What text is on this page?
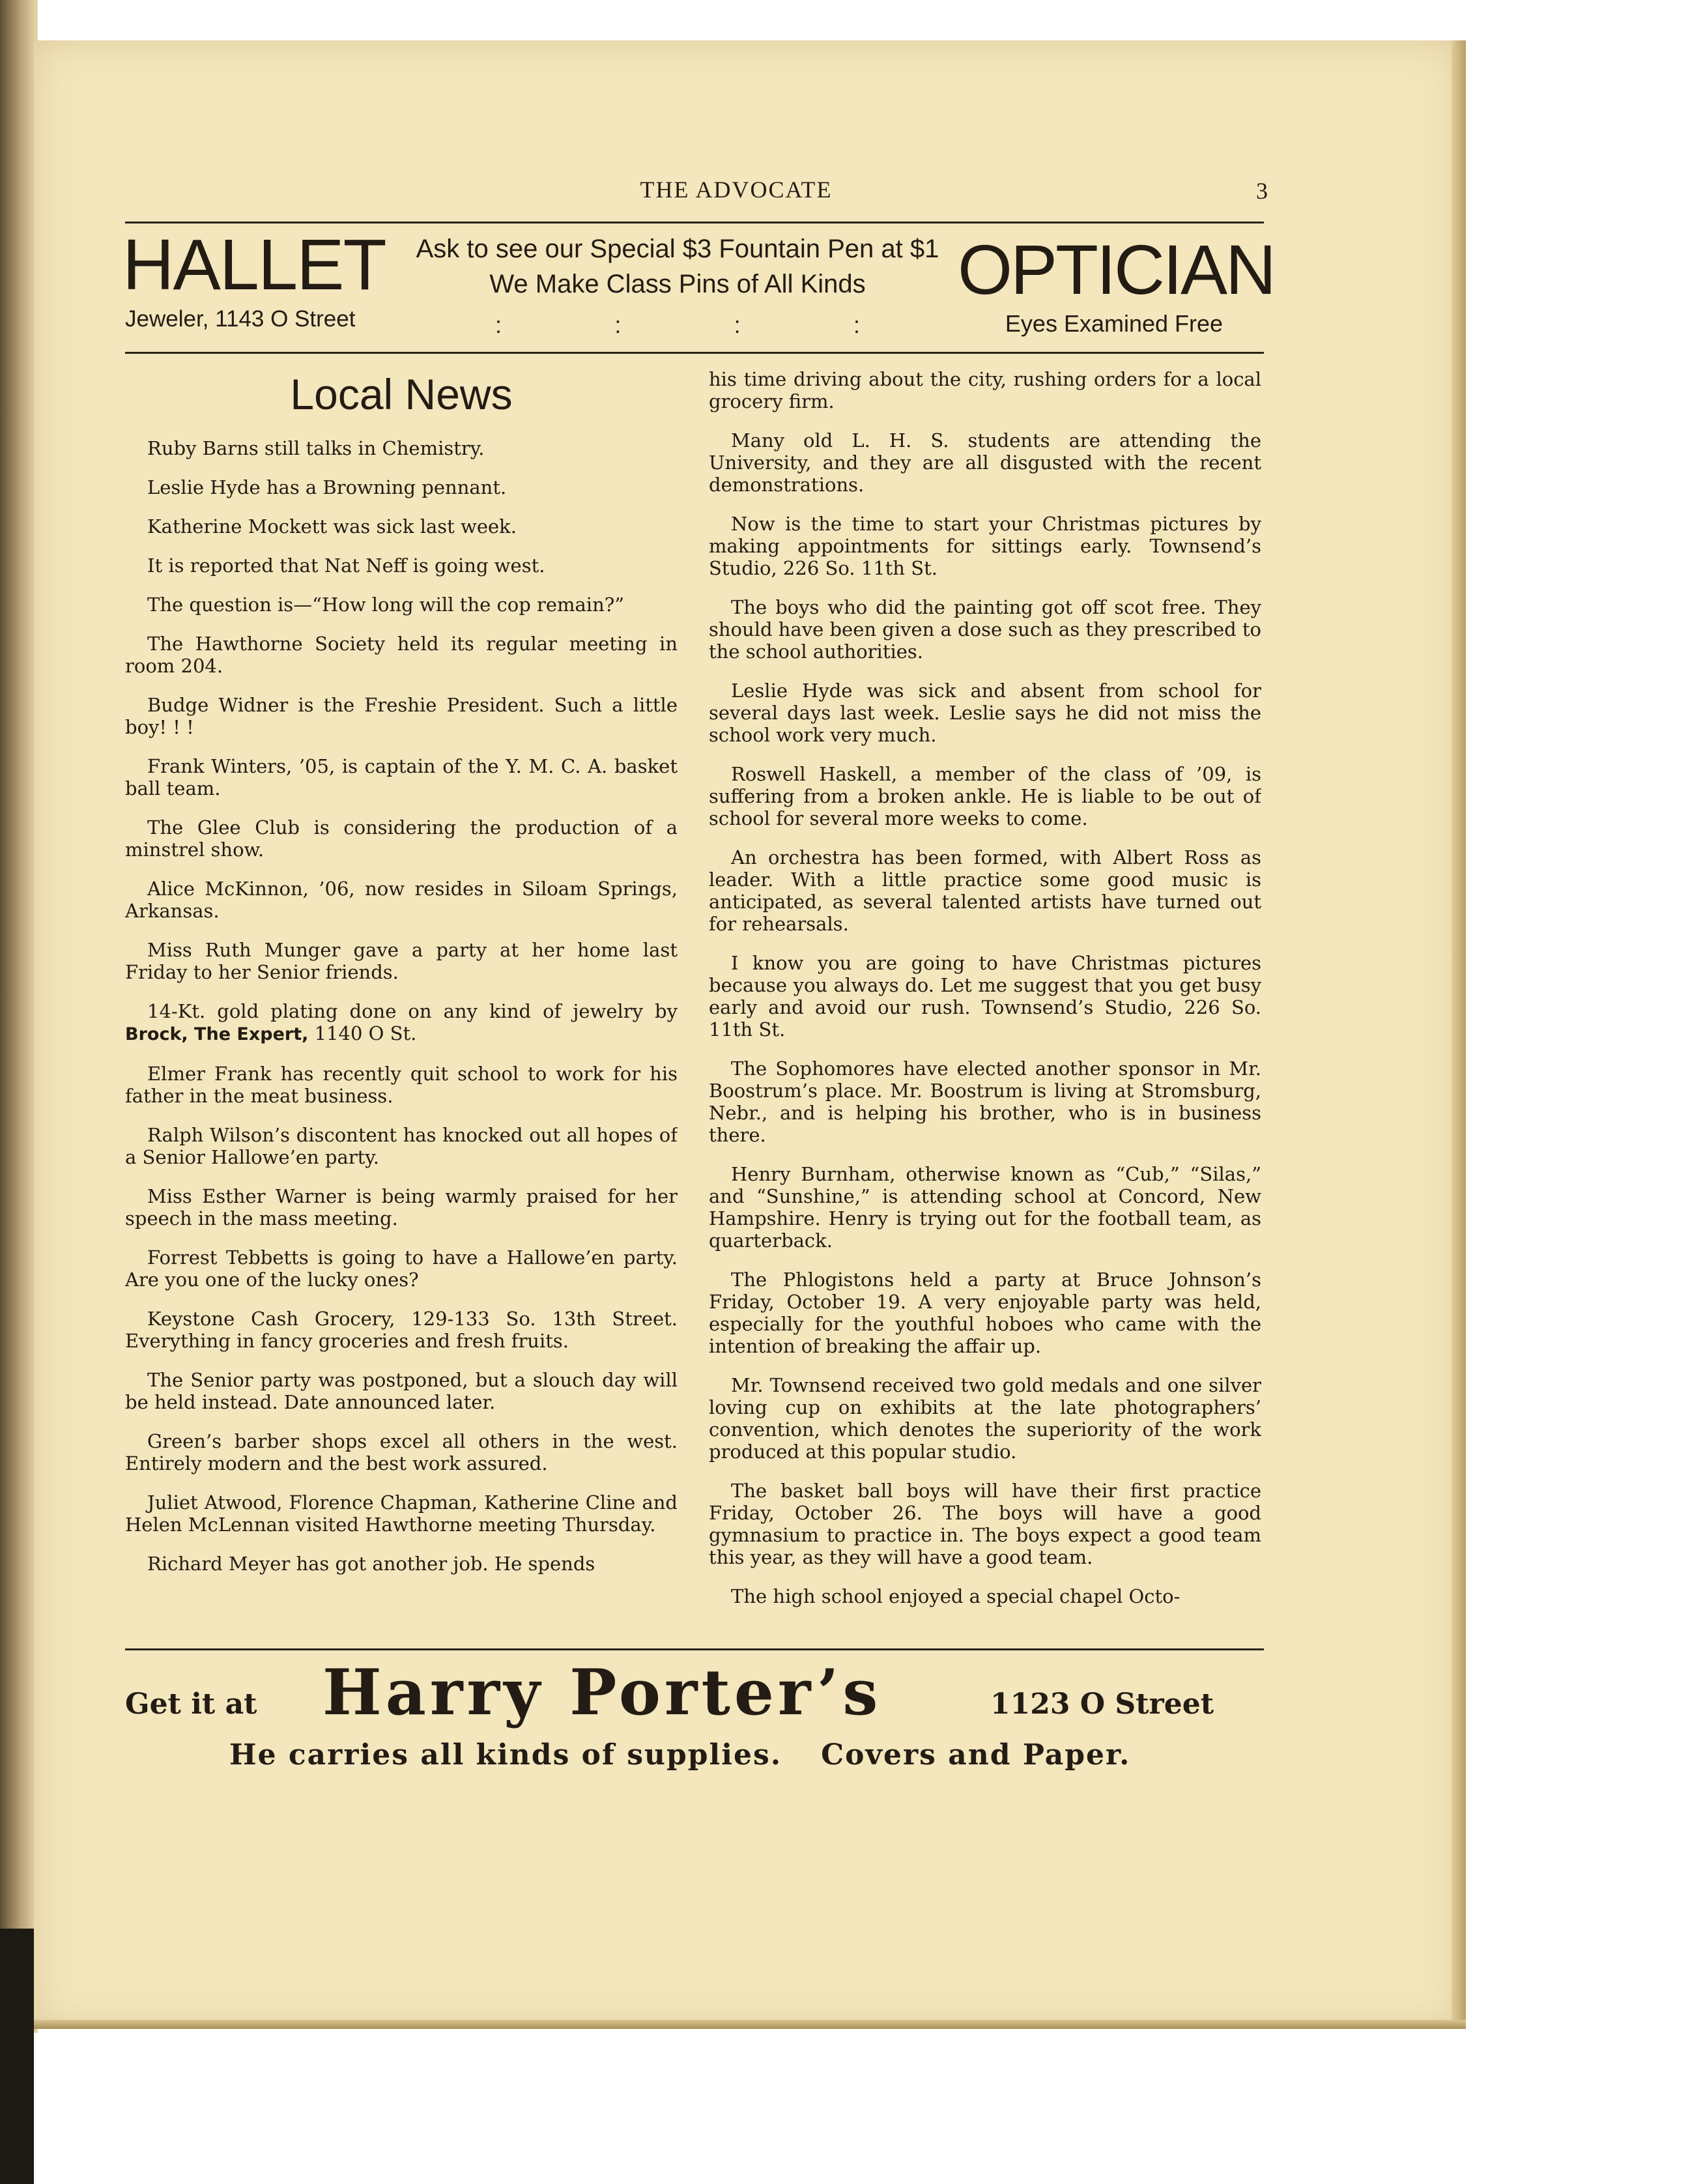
THE ADVOCATE	3
HALLET
Jeweler, 1143 O Street
Ask to see our Special $3 Fountain Pen at $1
We Make Class Pins of All Kinds
:	:	:	:
OPTICIAN
Eyes Examined Free
Local News

Ruby Barns still talks in Chemistry.

Leslie Hyde has a Browning pennant.

Katherine Mockett was sick last week.

It is reported that Nat Neff is going west.

The question is—“How long will the cop remain?”

The Hawthorne Society held its regular meeting in room 204.

Budge Widner is the Freshie President. Such a little boy! ! !

Frank Winters, ’05, is captain of the Y. M. C. A. basket ball team.

The Glee Club is considering the production of a minstrel show.

Alice McKinnon, ’06, now resides in Siloam Springs, Arkansas.

Miss Ruth Munger gave a party at her home last Friday to her Senior friends.

14-Kt. gold plating done on any kind of jewelry by Brock, The Expert, 1140 O St.

Elmer Frank has recently quit school to work for his father in the meat business.

Ralph Wilson’s discontent has knocked out all hopes of a Senior Hallowe’en party.

Miss Esther Warner is being warmly praised for her speech in the mass meeting.

Forrest Tebbetts is going to have a Hallowe’en party. Are you one of the lucky ones?

Keystone Cash Grocery, 129-133 So. 13th Street. Everything in fancy groceries and fresh fruits.

The Senior party was postponed, but a slouch day will be held instead. Date announced later.

Green’s barber shops excel all others in the west. Entirely modern and the best work assured.

Juliet Atwood, Florence Chapman, Katherine Cline and Helen McLennan visited Hawthorne meeting Thursday.

Richard Meyer has got another job. He spends

his time driving about the city, rushing orders for a local grocery firm.

Many old L. H. S. students are attending the University, and they are all disgusted with the recent demonstrations.

Now is the time to start your Christmas pictures by making appointments for sittings early. Townsend’s Studio, 226 So. 11th St.

The boys who did the painting got off scot free. They should have been given a dose such as they prescribed to the school authorities.

Leslie Hyde was sick and absent from school for several days last week. Leslie says he did not miss the school work very much.

Roswell Haskell, a member of the class of ’09, is suffering from a broken ankle. He is liable to be out of school for several more weeks to come.

An orchestra has been formed, with Albert Ross as leader. With a little practice some good music is anticipated, as several talented artists have turned out for rehearsals.

I know you are going to have Christmas pictures because you always do. Let me suggest that you get busy early and avoid our rush. Townsend’s Studio, 226 So. 11th St.

The Sophomores have elected another sponsor in Mr. Boostrum’s place. Mr. Boostrum is living at Stromsburg, Nebr., and is helping his brother, who is in business there.

Henry Burnham, otherwise known as “Cub,” “Silas,” and “Sunshine,” is attending school at Concord, New Hampshire. Henry is trying out for the football team, as quarterback.

The Phlogistons held a party at Bruce Johnson’s Friday, October 19. A very enjoyable party was held, especially for the youthful hoboes who came with the intention of breaking the affair up.

Mr. Townsend received two gold medals and one silver loving cup on exhibits at the late photographers’ convention, which denotes the superiority of the work produced at this popular studio.

The basket ball boys will have their first practice Friday, October 26. The boys will have a good gymnasium to practice in. The boys expect a good team this year, as they will have a good team.

The high school enjoyed a special chapel Octo-

Get it at Harry Porter’s	1123 O Street
He carries all kinds of supplies. Covers and Paper.
